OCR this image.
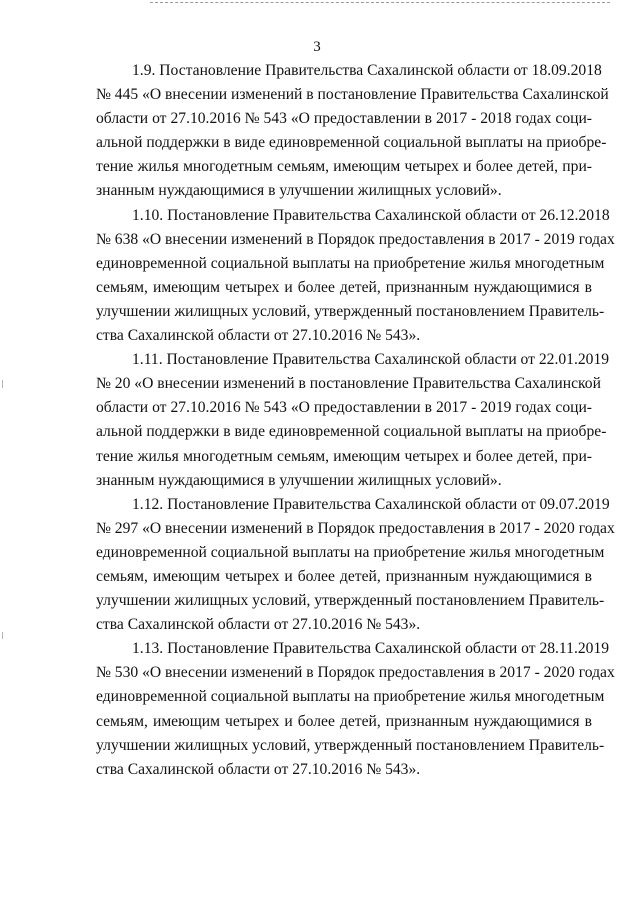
3
1.9. Постановление Правительства Сахалинской области от 18.09.2018
№ 445 «О внесении изменений в постановление Правительства Сахалинской
области от 27.10.2016 № 543 «О предоставлении в 2017 - 2018 годах соци-
альной поддержки в виде единовременной социальной выплаты на приобре-
тение жилья многодетным семьям, имеющим четырех и более детей, при-
знанным нуждающимися в улучшении жилищных условий».
1.10. Постановление Правительства Сахалинской области от 26.12.2018
№ 638 «О внесении изменений в Порядок предоставления в 2017 - 2019 годах
единовременной социальной выплаты на приобретение жилья многодетным
семьям, имеющим четырех и более детей, признанным нуждающимися в
улучшении жилищных условий, утвержденный постановлением Правитель-
ства Сахалинской области от 27.10.2016 № 543».
1.11. Постановление Правительства Сахалинской области от 22.01.2019
№ 20 «О внесении изменений в постановление Правительства Сахалинской
области от 27.10.2016 № 543 «О предоставлении в 2017 - 2019 годах соци-
альной поддержки в виде единовременной социальной выплаты на приобре-
тение жилья многодетным семьям, имеющим четырех и более детей, при-
знанным нуждающимися в улучшении жилищных условий».
1.12. Постановление Правительства Сахалинской области от 09.07.2019
№ 297 «О внесении изменений в Порядок предоставления в 2017 - 2020 годах
единовременной социальной выплаты на приобретение жилья многодетным
семьям, имеющим четырех и более детей, признанным нуждающимися в
улучшении жилищных условий, утвержденный постановлением Правитель-
ства Сахалинской области от 27.10.2016 № 543».
1.13. Постановление Правительства Сахалинской области от 28.11.2019
№ 530 «О внесении изменений в Порядок предоставления в 2017 - 2020 годах
единовременной социальной выплаты на приобретение жилья многодетным
семьям, имеющим четырех и более детей, признанным нуждающимися в
улучшении жилищных условий, утвержденный постановлением Правитель-
ства Сахалинской области от 27.10.2016 № 543».
